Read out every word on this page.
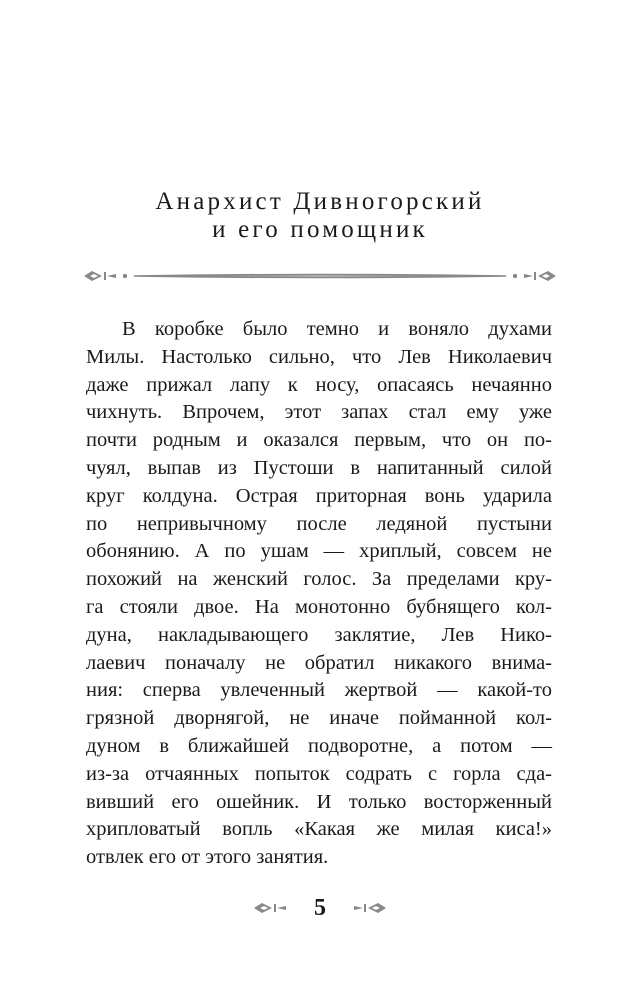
Анархист Дивногорский
и его помощник
В коробке было темно и воняло духами
Милы. Настолько сильно, что Лев Николаевич
даже прижал лапу к носу, опасаясь нечаянно
чихнуть. Впрочем, этот запах стал ему уже
почти родным и оказался первым, что он по-
чуял, выпав из Пустоши в напитанный силой
круг колдуна. Острая приторная вонь ударила
по непривычному после ледяной пустыни
обонянию. А по ушам — хриплый, совсем не
похожий на женский голос. За пределами кру-
га стояли двое. На монотонно бубнящего кол-
дуна, накладывающего заклятие, Лев Нико-
лаевич поначалу не обратил никакого внима-
ния: сперва увлеченный жертвой — какой-то
грязной дворнягой, не иначе пойманной кол-
дуном в ближайшей подворотне, а потом —
из-за отчаянных попыток содрать с горла сда-
вивший его ошейник. И только восторженный
хрипловатый вопль «Какая же милая киса!»
отвлек его от этого занятия.
5
